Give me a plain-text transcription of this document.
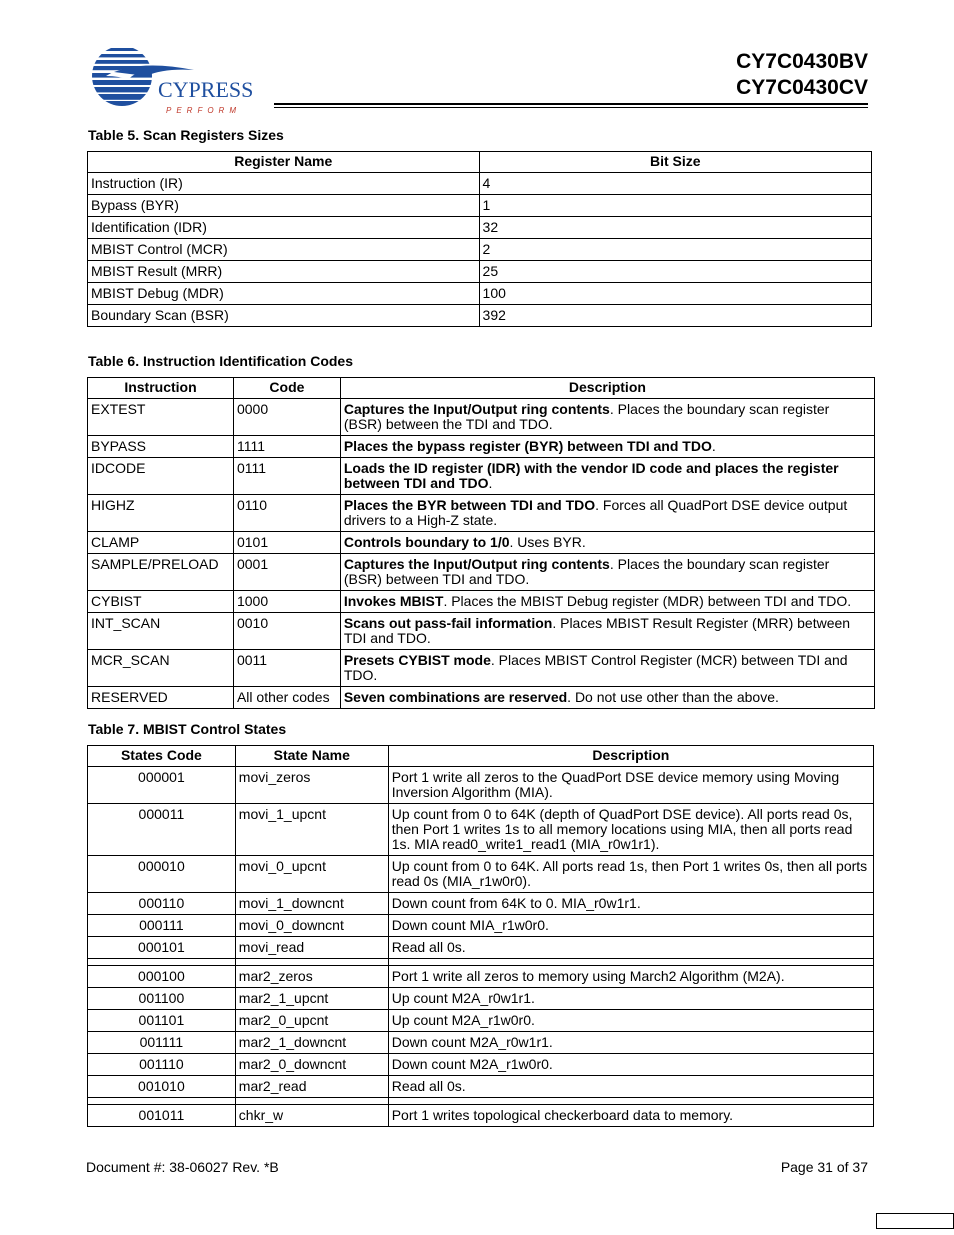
CYPRESS
PERFORM
CY7C0430BV
CY7C0430CV
Table 5. Scan Registers Sizes
Register Name	Bit Size
Instruction (IR)	4
Bypass (BYR)	1
Identification (IDR)	32
MBIST Control (MCR)	2
MBIST Result (MRR)	25
MBIST Debug (MDR)	100
Boundary Scan (BSR)	392
Table 6. Instruction Identification Codes
Instruction	Code	Description
EXTEST	0000	Captures the Input/Output ring contents. Places the boundary scan register (BSR) between the TDI and TDO.
BYPASS	1111	Places the bypass register (BYR) between TDI and TDO.
IDCODE	0111	Loads the ID register (IDR) with the vendor ID code and places the register between TDI and TDO.
HIGHZ	0110	Places the BYR between TDI and TDO. Forces all QuadPort DSE device output drivers to a High-Z state.
CLAMP	0101	Controls boundary to 1/0. Uses BYR.
SAMPLE/PRELOAD	0001	Captures the Input/Output ring contents. Places the boundary scan register (BSR) between TDI and TDO.
CYBIST	1000	Invokes MBIST. Places the MBIST Debug register (MDR) between TDI and TDO.
INT_SCAN	0010	Scans out pass-fail information. Places MBIST Result Register (MRR) between TDI and TDO.
MCR_SCAN	0011	Presets CYBIST mode. Places MBIST Control Register (MCR) between TDI and TDO.
RESERVED	All other codes	Seven combinations are reserved. Do not use other than the above.
Table 7. MBIST Control States
States Code	State Name	Description
000001	movi_zeros	Port 1 write all zeros to the QuadPort DSE device memory using Moving Inversion Algorithm (MIA).
000011	movi_1_upcnt	Up count from 0 to 64K (depth of QuadPort DSE device). All ports read 0s, then Port 1 writes 1s to all memory locations using MIA, then all ports read 1s. MIA read0_write1_read1 (MIA_r0w1r1).
000010	movi_0_upcnt	Up count from 0 to 64K. All ports read 1s, then Port 1 writes 0s, then all ports read 0s (MIA_r1w0r0).
000110	movi_1_downcnt	Down count from 64K to 0. MIA_r0w1r1.
000111	movi_0_downcnt	Down count MIA_r1w0r0.
000101	movi_read	Read all 0s.

000100	mar2_zeros	Port 1 write all zeros to memory using March2 Algorithm (M2A).
001100	mar2_1_upcnt	Up count M2A_r0w1r1.
001101	mar2_0_upcnt	Up count M2A_r1w0r0.
001111	mar2_1_downcnt	Down count M2A_r0w1r1.
001110	mar2_0_downcnt	Down count M2A_r1w0r0.
001010	mar2_read	Read all 0s.

001011	chkr_w	Port 1 writes topological checkerboard data to memory.
Document #: 38-06027 Rev. *B	Page 31 of 37
